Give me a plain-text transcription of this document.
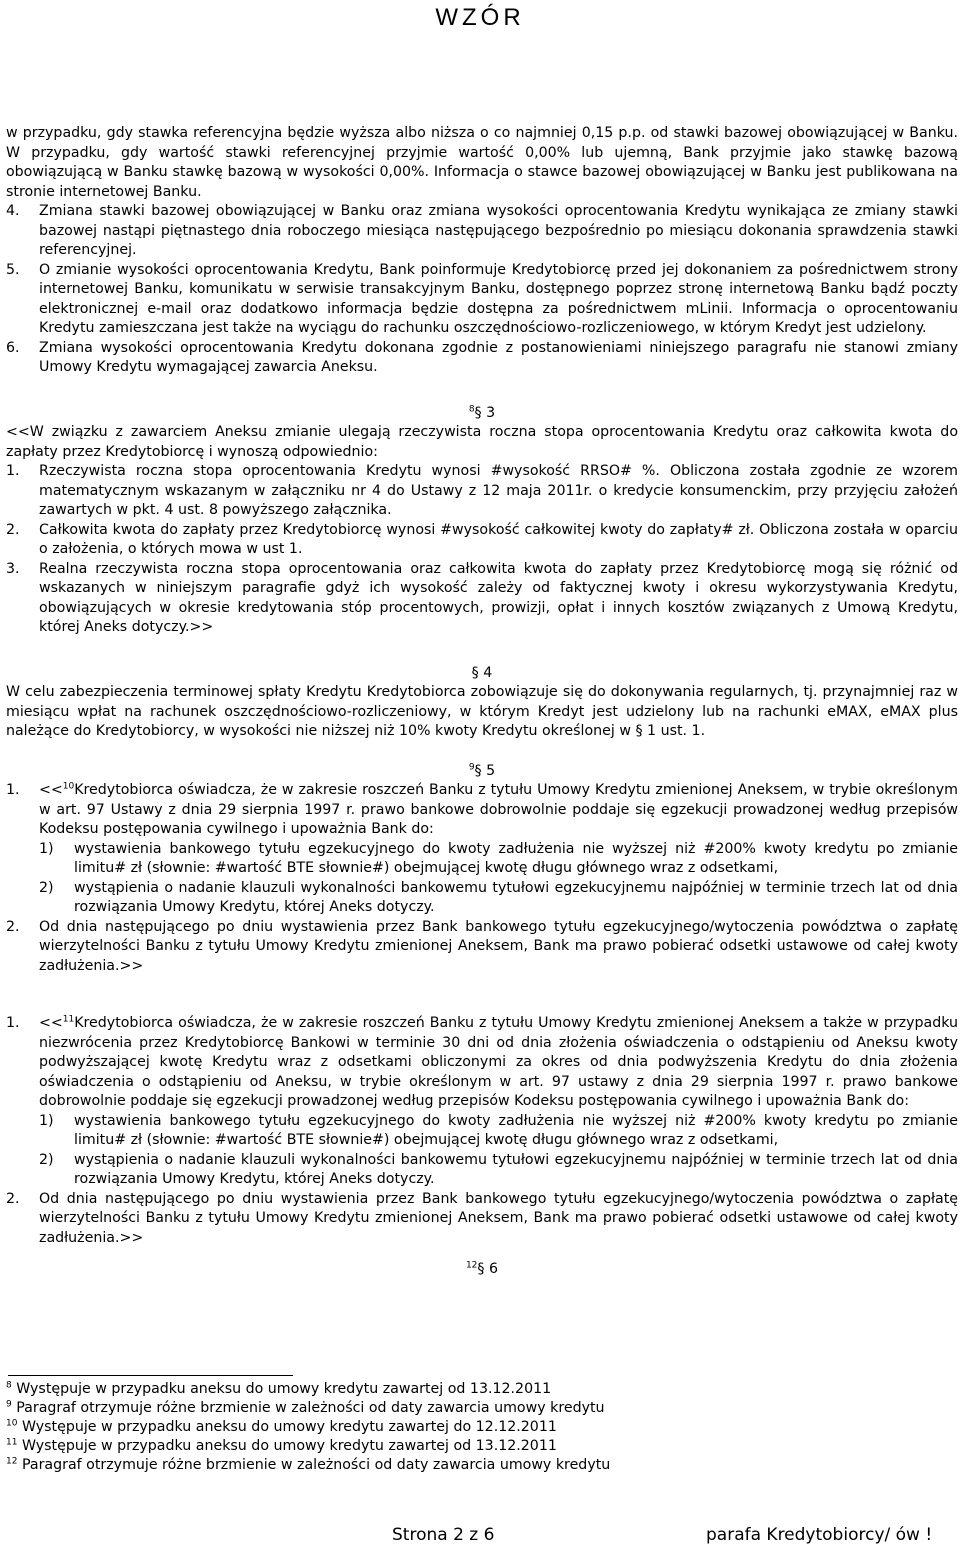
WZÓR

w przypadku, gdy stawka referencyjna będzie wyższa albo niższa o co najmniej 0,15 p.p. od stawki bazowej obowiązującej w Banku. W przypadku, gdy wartość stawki referencyjnej przyjmie wartość 0,00% lub ujemną, Bank przyjmie jako stawkę bazową obowiązującą w Banku stawkę bazową w wysokości 0,00%. Informacja o stawce bazowej obowiązującej w Banku jest publikowana na stronie internetowej Banku.

4. Zmiana stawki bazowej obowiązującej w Banku oraz zmiana wysokości oprocentowania Kredytu wynikająca ze zmiany stawki bazowej nastąpi piętnastego dnia roboczego miesiąca następującego bezpośrednio po miesiącu dokonania sprawdzenia stawki referencyjnej.
5. O zmianie wysokości oprocentowania Kredytu, Bank poinformuje Kredytobiorcę przed jej dokonaniem za pośrednictwem strony internetowej Banku, komunikatu w serwisie transakcyjnym Banku, dostępnego poprzez stronę internetową Banku bądź poczty elektronicznej e-mail oraz dodatkowo informacja będzie dostępna za pośrednictwem mLinii. Informacja o oprocentowaniu Kredytu zamieszczana jest także na wyciągu do rachunku oszczędnościowo-rozliczeniowego, w którym Kredyt jest udzielony.
6. Zmiana wysokości oprocentowania Kredytu dokonana zgodnie z postanowieniami niniejszego paragrafu nie stanowi zmiany Umowy Kredytu wymagającej zawarcia Aneksu.

$^8$§ 3

<<W związku z zawarciem Aneksu zmianie ulegają rzeczywista roczna stopa oprocentowania Kredytu oraz całkowita kwota do zapłaty przez Kredytobiorcę i wynoszą odpowiednio:

1. Rzeczywista roczna stopa oprocentowania Kredytu wynosi #wysokość RRSO# %. Obliczona została zgodnie ze wzorem matematycznym wskazanym w załączniku nr 4 do Ustawy z 12 maja 2011r. o kredycie konsumenckim, przy przyjęciu założeń zawartych w pkt. 4 ust. 8 powyższego załącznika.
2. Całkowita kwota do zapłaty przez Kredytobiorcę wynosi #wysokość całkowitej kwoty do zapłaty# zł. Obliczona została w oparciu o założenia, o których mowa w ust 1.
3. Realna rzeczywista roczna stopa oprocentowania oraz całkowita kwota do zapłaty przez Kredytobiorcę mogą się różnić od wskazanych w niniejszym paragrafie gdyż ich wysokość zależy od faktycznej kwoty i okresu wykorzystywania Kredytu, obowiązujących w okresie kredytowania stóp procentowych, prowizji, opłat i innych kosztów związanych z Umową Kredytu, której Aneks dotyczy.>>

§ 4

W celu zabezpieczenia terminowej spłaty Kredytu Kredytobiorca zobowiązuje się do dokonywania regularnych, tj. przynajmniej raz w miesiącu wpłat na rachunek oszczędnościowo-rozliczeniowy, w którym Kredyt jest udzielony lub na rachunki eMAX, eMAX plus należące do Kredytobiorcy, w wysokości nie niższej niż 10% kwoty Kredytu określonej w § 1 ust. 1.

$^9$§ 5

1. <<$^{10}$Kredytobiorca oświadcza, że w zakresie roszczeń Banku z tytułu Umowy Kredytu zmienionej Aneksem, w trybie określonym w art. 97 Ustawy z dnia 29 sierpnia 1997 r. prawo bankowe dobrowolnie poddaje się egzekucji prowadzonej według przepisów Kodeksu postępowania cywilnego i upoważnia Bank do:
1) wystawienia bankowego tytułu egzekucyjnego do kwoty zadłużenia nie wyższej niż #200% kwoty kredytu po zmianie limitu# zł (słownie: #wartość BTE słownie#) obejmującej kwotę długu głównego wraz z odsetkami,
2) wystąpienia o nadanie klauzuli wykonalności bankowemu tytułowi egzekucyjnemu najpóźniej w terminie trzech lat od dnia rozwiązania Umowy Kredytu, której Aneks dotyczy.
2. Od dnia następującego po dniu wystawienia przez Bank bankowego tytułu egzekucyjnego/wytoczenia powództwa o zapłatę wierzytelności Banku z tytułu Umowy Kredytu zmienionej Aneksem, Bank ma prawo pobierać odsetki ustawowe od całej kwoty zadłużenia.>>
1. <<$^{11}$Kredytobiorca oświadcza, że w zakresie roszczeń Banku z tytułu Umowy Kredytu zmienionej Aneksem a także w przypadku niezwrócenia przez Kredytobiorcę Bankowi w terminie 30 dni od dnia złożenia oświadczenia o odstąpieniu od Aneksu kwoty podwyższającej kwotę Kredytu wraz z odsetkami obliczonymi za okres od dnia podwyższenia Kredytu do dnia złożenia oświadczenia o odstąpieniu od Aneksu, w trybie określonym w art. 97 ustawy z dnia 29 sierpnia 1997 r. prawo bankowe dobrowolnie poddaje się egzekucji prowadzonej według przepisów Kodeksu postępowania cywilnego i upoważnia Bank do:
1) wystawienia bankowego tytułu egzekucyjnego do kwoty zadłużenia nie wyższej niż #200% kwoty kredytu po zmianie limitu# zł (słownie: #wartość BTE słownie#) obejmującej kwotę długu głównego wraz z odsetkami,
2) wystąpienia o nadanie klauzuli wykonalności bankowemu tytułowi egzekucyjnemu najpóźniej w terminie trzech lat od dnia rozwiązania Umowy Kredytu, której Aneks dotyczy.
2. Od dnia następującego po dniu wystawienia przez Bank bankowego tytułu egzekucyjnego/wytoczenia powództwa o zapłatę wierzytelności Banku z tytułu Umowy Kredytu zmienionej Aneksem, Bank ma prawo pobierać odsetki ustawowe od całej kwoty zadłużenia.>>

$^{12}$§ 6

$^8$ Występuje w przypadku aneksu do umowy kredytu zawartej od 13.12.2011

$^9$ Paragraf otrzymuje różne brzmienie w zależności od daty zawarcia umowy kredytu

$^{10}$ Występuje w przypadku aneksu do umowy kredytu zawartej do 12.12.2011

$^{11}$ Występuje w przypadku aneksu do umowy kredytu zawartej od 13.12.2011

$^{12}$ Paragraf otrzymuje różne brzmienie w zależności od daty zawarcia umowy kredytu

Strona 2 z 6	parafa Kredytobiorcy/ ów !
